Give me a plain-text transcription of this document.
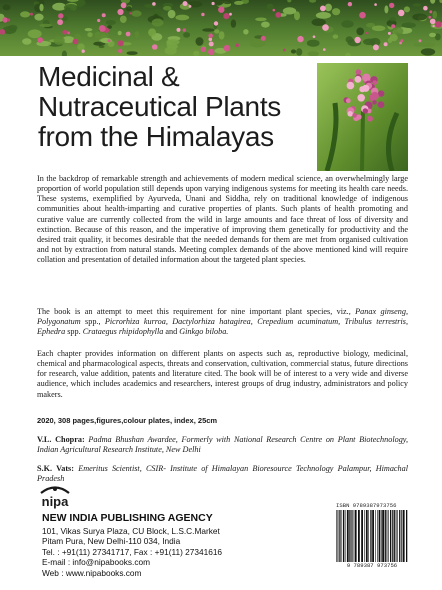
Medicinal &
Nutraceutical Plants
from the Himalayas

In the backdrop of remarkable strength and achievements of modern medical science, an overwhelmingly large proportion of world population still depends upon varying indigenous systems for meeting its health care needs. These systems, exemplified by Ayurveda, Unani and Siddha, rely on traditional knowledge of indigenous communities about health-imparting and curative properties of plants. Such plants of health promoting and curative value are currently collected from the wild in large amounts and face threat of loss of diversity and extinction. Because of this reason, and the imperative of improving them genetically for productivity and the desired trait quality, it becomes desirable that the needed demands for them are met from organised cultivation and not by extraction from natural stands. Meeting complex demands of the above mentioned kind will require collation and presentation of detailed information about the targeted plant species.

The book is an attempt to meet this requirement for nine important plant species, viz., Panax ginseng, Polygonatum spp., Picrorhiza kurroa, Dactylorhiza hatagirea, Crepedium acuminatum, Tribulus terrestris, Ephedra spp. Crataegus rhipidophylla and Ginkgo biloba.

Each chapter provides information on different plants on aspects such as, reproductive biology, medicinal, chemical and pharmacological aspects, threats and conservation, cultivation, commercial status, future directions for research, value addition, patents and literature cited. The book will be of interest to a very wide and diverse audience, which includes academics and researchers, interest groups of drug industry, administrators and policy makers.

2020, 308 pages,figures,colour plates, index, 25cm

V.L. Chopra: Padma Bhushan Awardee, Formerly with National Research Centre on Plant Biotechnology, Indian Agricultural Research Institute, New Delhi

S.K. Vats: Emeritus Scientist, CSIR- Institute of Himalayan Bioresource Technology Palampur, Himachal Pradesh

nipa
NEW INDIA PUBLISHING AGENCY
101, Vikas Surya Plaza, CU Block, L.S.C.Market
Pitam Pura, New Delhi-110 034, India
Tel. : +91(11) 27341717, Fax : +91(11) 27341616
E-mail : info@nipabooks.com
Web : www.nipabooks.com
ISBN 9789387973756
9 789387 973756
